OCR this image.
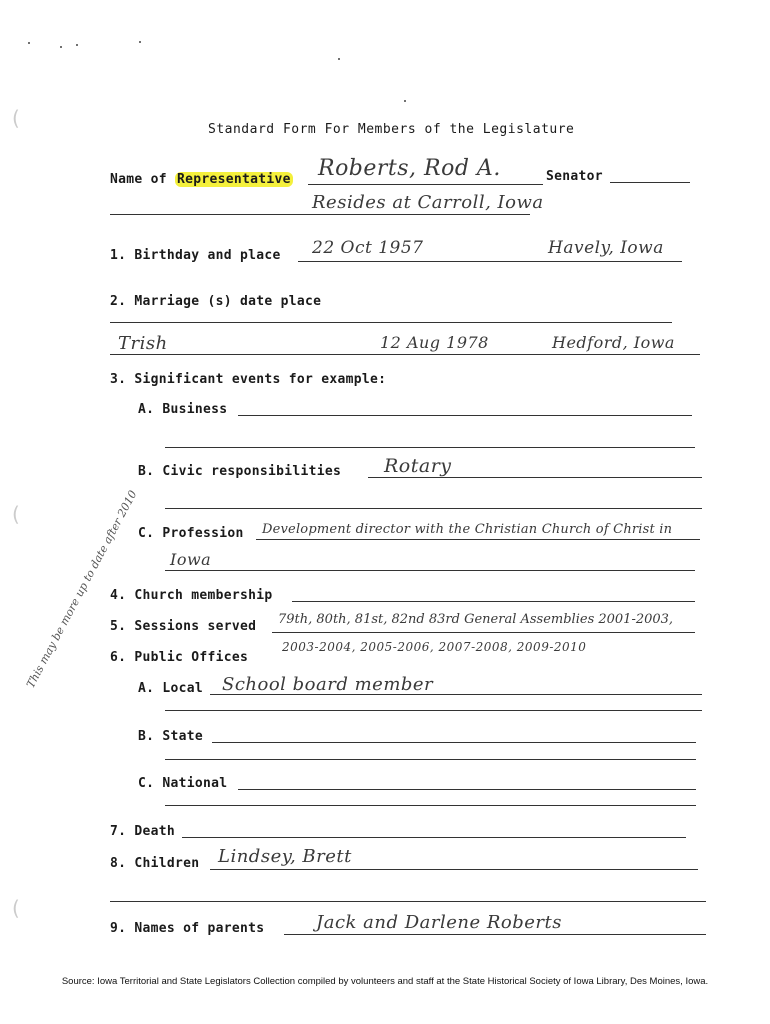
(
(
(
Standard Form For Members of the Legislature
Name of Representative Roberts, Rod A.	Senator
Resides at Carroll, Iowa
1. Birthday and place 22 Oct 1957	Havely, Iowa
2. Marriage (s) date place
Trish	12 Aug 1978	Hedford, Iowa
3. Significant events for example:
A. Business
B. Civic responsibilities Rotary
C. Profession Development director with the Christian Church of Christ in
Iowa
4. Church membership
5. Sessions served 79th, 80th, 81st, 82nd 83rd General Assemblies 2001-2003,
2003-2004, 2005-2006, 2007-2008, 2009-2010
This may be more up to date after 2010
6. Public Offices
A. Local School board member
B. State
C. National
7. Death
8. Children Lindsey, Brett
9. Names of parents	Jack and Darlene Roberts
Source: Iowa Territorial and State Legislators Collection compiled by volunteers and staff at the State Historical Society of Iowa Library, Des Moines, Iowa.
